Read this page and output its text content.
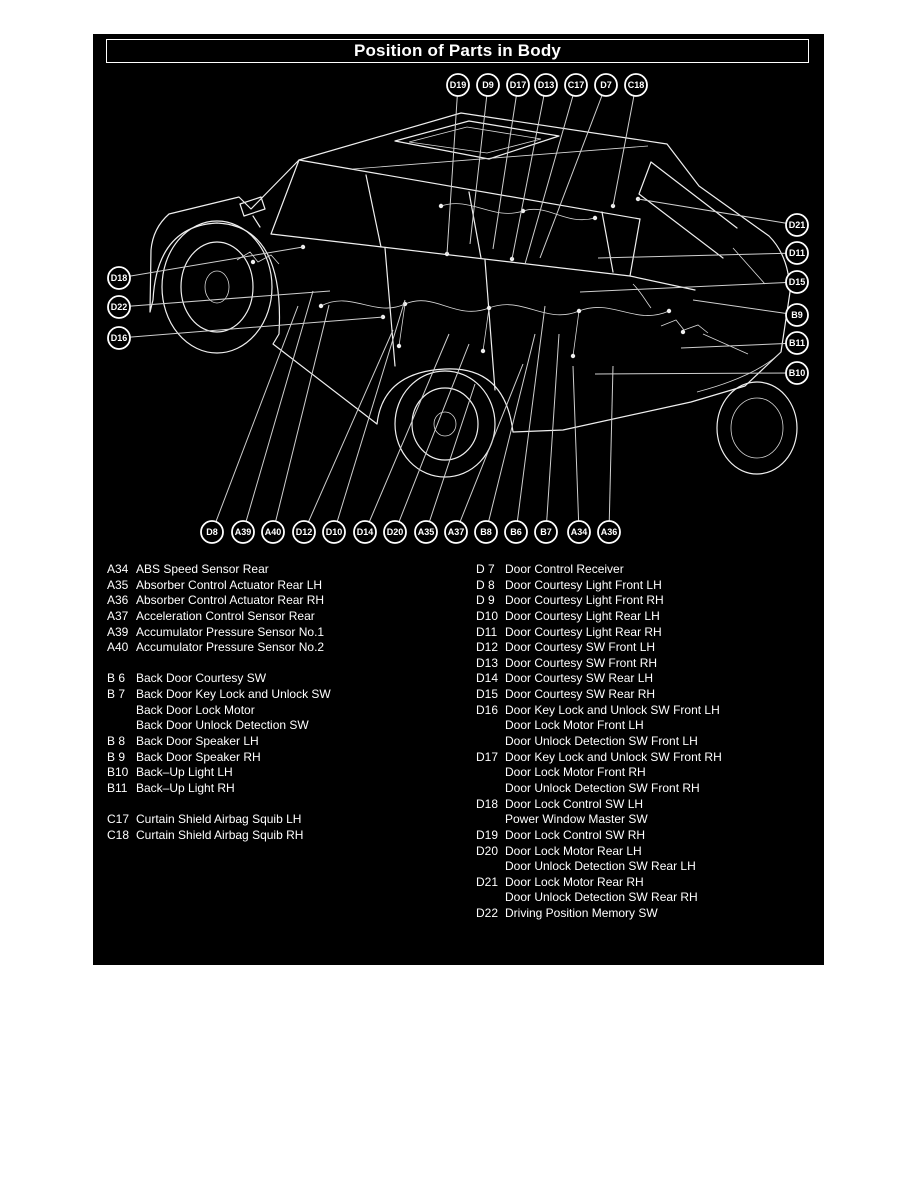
Position of Parts in Body
D19 D9 D17 D13 C17 D7 C18
D21
D11
D15
B9
B11
B10
D18
D22
D16
D8 A39 A40 D12 D10 D14 D20 A35 A37 B8 B6 B7 A34 A36
A34 ABS Speed Sensor Rear
A35 Absorber Control Actuator Rear LH
A36 Absorber Control Actuator Rear RH
A37 Acceleration Control Sensor Rear
A39 Accumulator Pressure Sensor No.1
A40 Accumulator Pressure Sensor No.2
B 6 Back Door Courtesy SW
B 7 Back Door Key Lock and Unlock SW
Back Door Lock Motor
Back Door Unlock Detection SW
B 8 Back Door Speaker LH
B 9 Back Door Speaker RH
B10 Back–Up Light LH
B11 Back–Up Light RH
C17 Curtain Shield Airbag Squib LH
C18 Curtain Shield Airbag Squib RH
D 7 Door Control Receiver
D 8 Door Courtesy Light Front LH
D 9 Door Courtesy Light Front RH
D10 Door Courtesy Light Rear LH
D11 Door Courtesy Light Rear RH
D12 Door Courtesy SW Front LH
D13 Door Courtesy SW Front RH
D14 Door Courtesy SW Rear LH
D15 Door Courtesy SW Rear RH
D16 Door Key Lock and Unlock SW Front LH
Door Lock Motor Front LH
Door Unlock Detection SW Front LH
D17 Door Key Lock and Unlock SW Front RH
Door Lock Motor Front RH
Door Unlock Detection SW Front RH
D18 Door Lock Control SW LH
Power Window Master SW
D19 Door Lock Control SW RH
D20 Door Lock Motor Rear LH
Door Unlock Detection SW Rear LH
D21 Door Lock Motor Rear RH
Door Unlock Detection SW Rear RH
D22 Driving Position Memory SW
